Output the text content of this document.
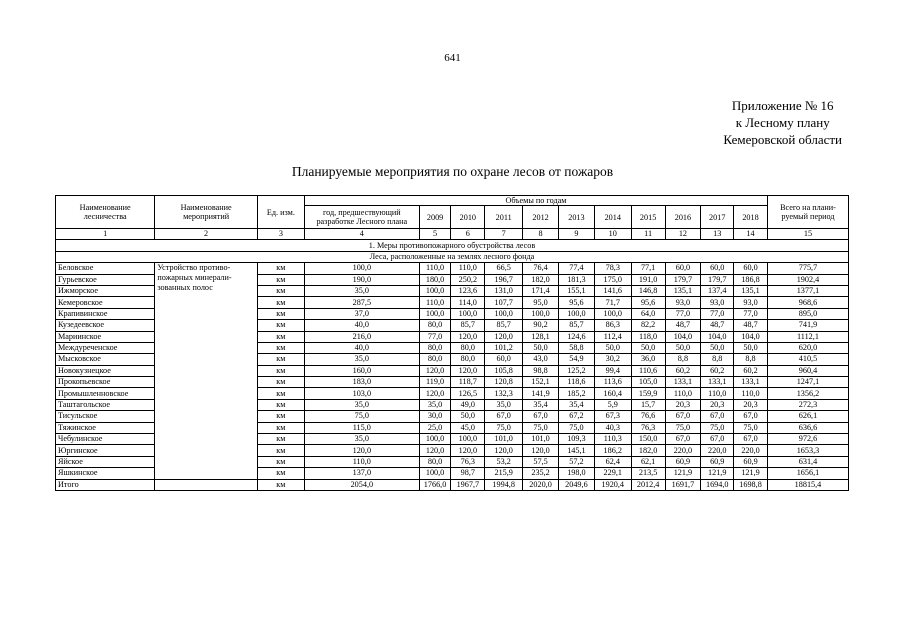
641
Приложение № 16
к Лесному плану
Кемеровской области
Планируемые мероприятия по охране лесов от пожаров
Наименование лесничества	Наименование мероприятий	Ед. изм.	Объемы по годам											Всего на плани-руемый период
			год, предшествующий разработке Лесного плана	2009	2010	2011	2012	2013	2014	2015	2016	2017	2018	
1	2	3	4	5	6	7	8	9	10	11	12	13	14	15
1. Меры противопожарного обустройства лесов														
Леса, расположенные на землях лесного фонда														
Беловское	Устройство противо-пожарных минерали-зованных полос	км	100,0	110,0	110,0	66,5	76,4	77,4	78,3	77,1	60,0	60,0	60,0	775,7
Гурьевское		км	190,0	180,0	250,2	196,7	182,0	181,3	175,0	191,0	179,7	179,7	186,8	1902,4
Ижморское		км	35,0	100,0	123,6	131,0	171,4	155,1	141,6	146,8	135,1	137,4	135,1	1377,1
Кемеровское		км	287,5	110,0	114,0	107,7	95,0	95,6	71,7	95,6	93,0	93,0	93,0	968,6
Крапивинское		км	37,0	100,0	100,0	100,0	100,0	100,0	100,0	64,0	77,0	77,0	77,0	895,0
Кузедеевское		км	40,0	80,0	85,7	85,7	90,2	85,7	86,3	82,2	48,7	48,7	48,7	741,9
Мариинское		км	216,0	77,0	120,0	120,0	128,1	124,6	112,4	118,0	104,0	104,0	104,0	1112,1
Междуреченское		км	40,0	80,0	80,0	101,2	50,0	58,8	50,0	50,0	50,0	50,0	50,0	620,0
Мысковское		км	35,0	80,0	80,0	60,0	43,0	54,9	30,2	36,0	8,8	8,8	8,8	410,5
Новокузнецкое		км	160,0	120,0	120,0	105,8	98,8	125,2	99,4	110,6	60,2	60,2	60,2	960,4
Прокопьевское		км	183,0	119,0	118,7	120,8	152,1	118,6	113,6	105,0	133,1	133,1	133,1	1247,1
Промышленновское		км	103,0	120,0	126,5	132,3	141,9	185,2	160,4	159,9	110,0	110,0	110,0	1356,2
Таштагольское		км	35,0	35,0	49,0	35,0	35,4	35,4	5,9	15,7	20,3	20,3	20,3	272,3
Тисульское		км	75,0	30,0	50,0	67,0	67,0	67,2	67,3	76,6	67,0	67,0	67,0	626,1
Тяжинское		км	115,0	25,0	45,0	75,0	75,0	75,0	40,3	76,3	75,0	75,0	75,0	636,6
Чебулинское		км	35,0	100,0	100,0	101,0	101,0	109,3	110,3	150,0	67,0	67,0	67,0	972,6
Юргинское		км	120,0	120,0	120,0	120,0	120,0	145,1	186,2	182,0	220,0	220,0	220,0	1653,3
Яйское		км	110,0	80,0	76,3	53,2	57,5	57,2	62,4	62,1	60,9	60,9	60,9	631,4
Яшкинское		км	137,0	100,0	98,7	215,9	235,2	198,0	229,1	213,5	121,9	121,9	121,9	1656,1
Итого		км	2054,0	1766,0	1967,7	1994,8	2020,0	2049,6	1920,4	2012,4	1691,7	1694,0	1698,8	18815,4
